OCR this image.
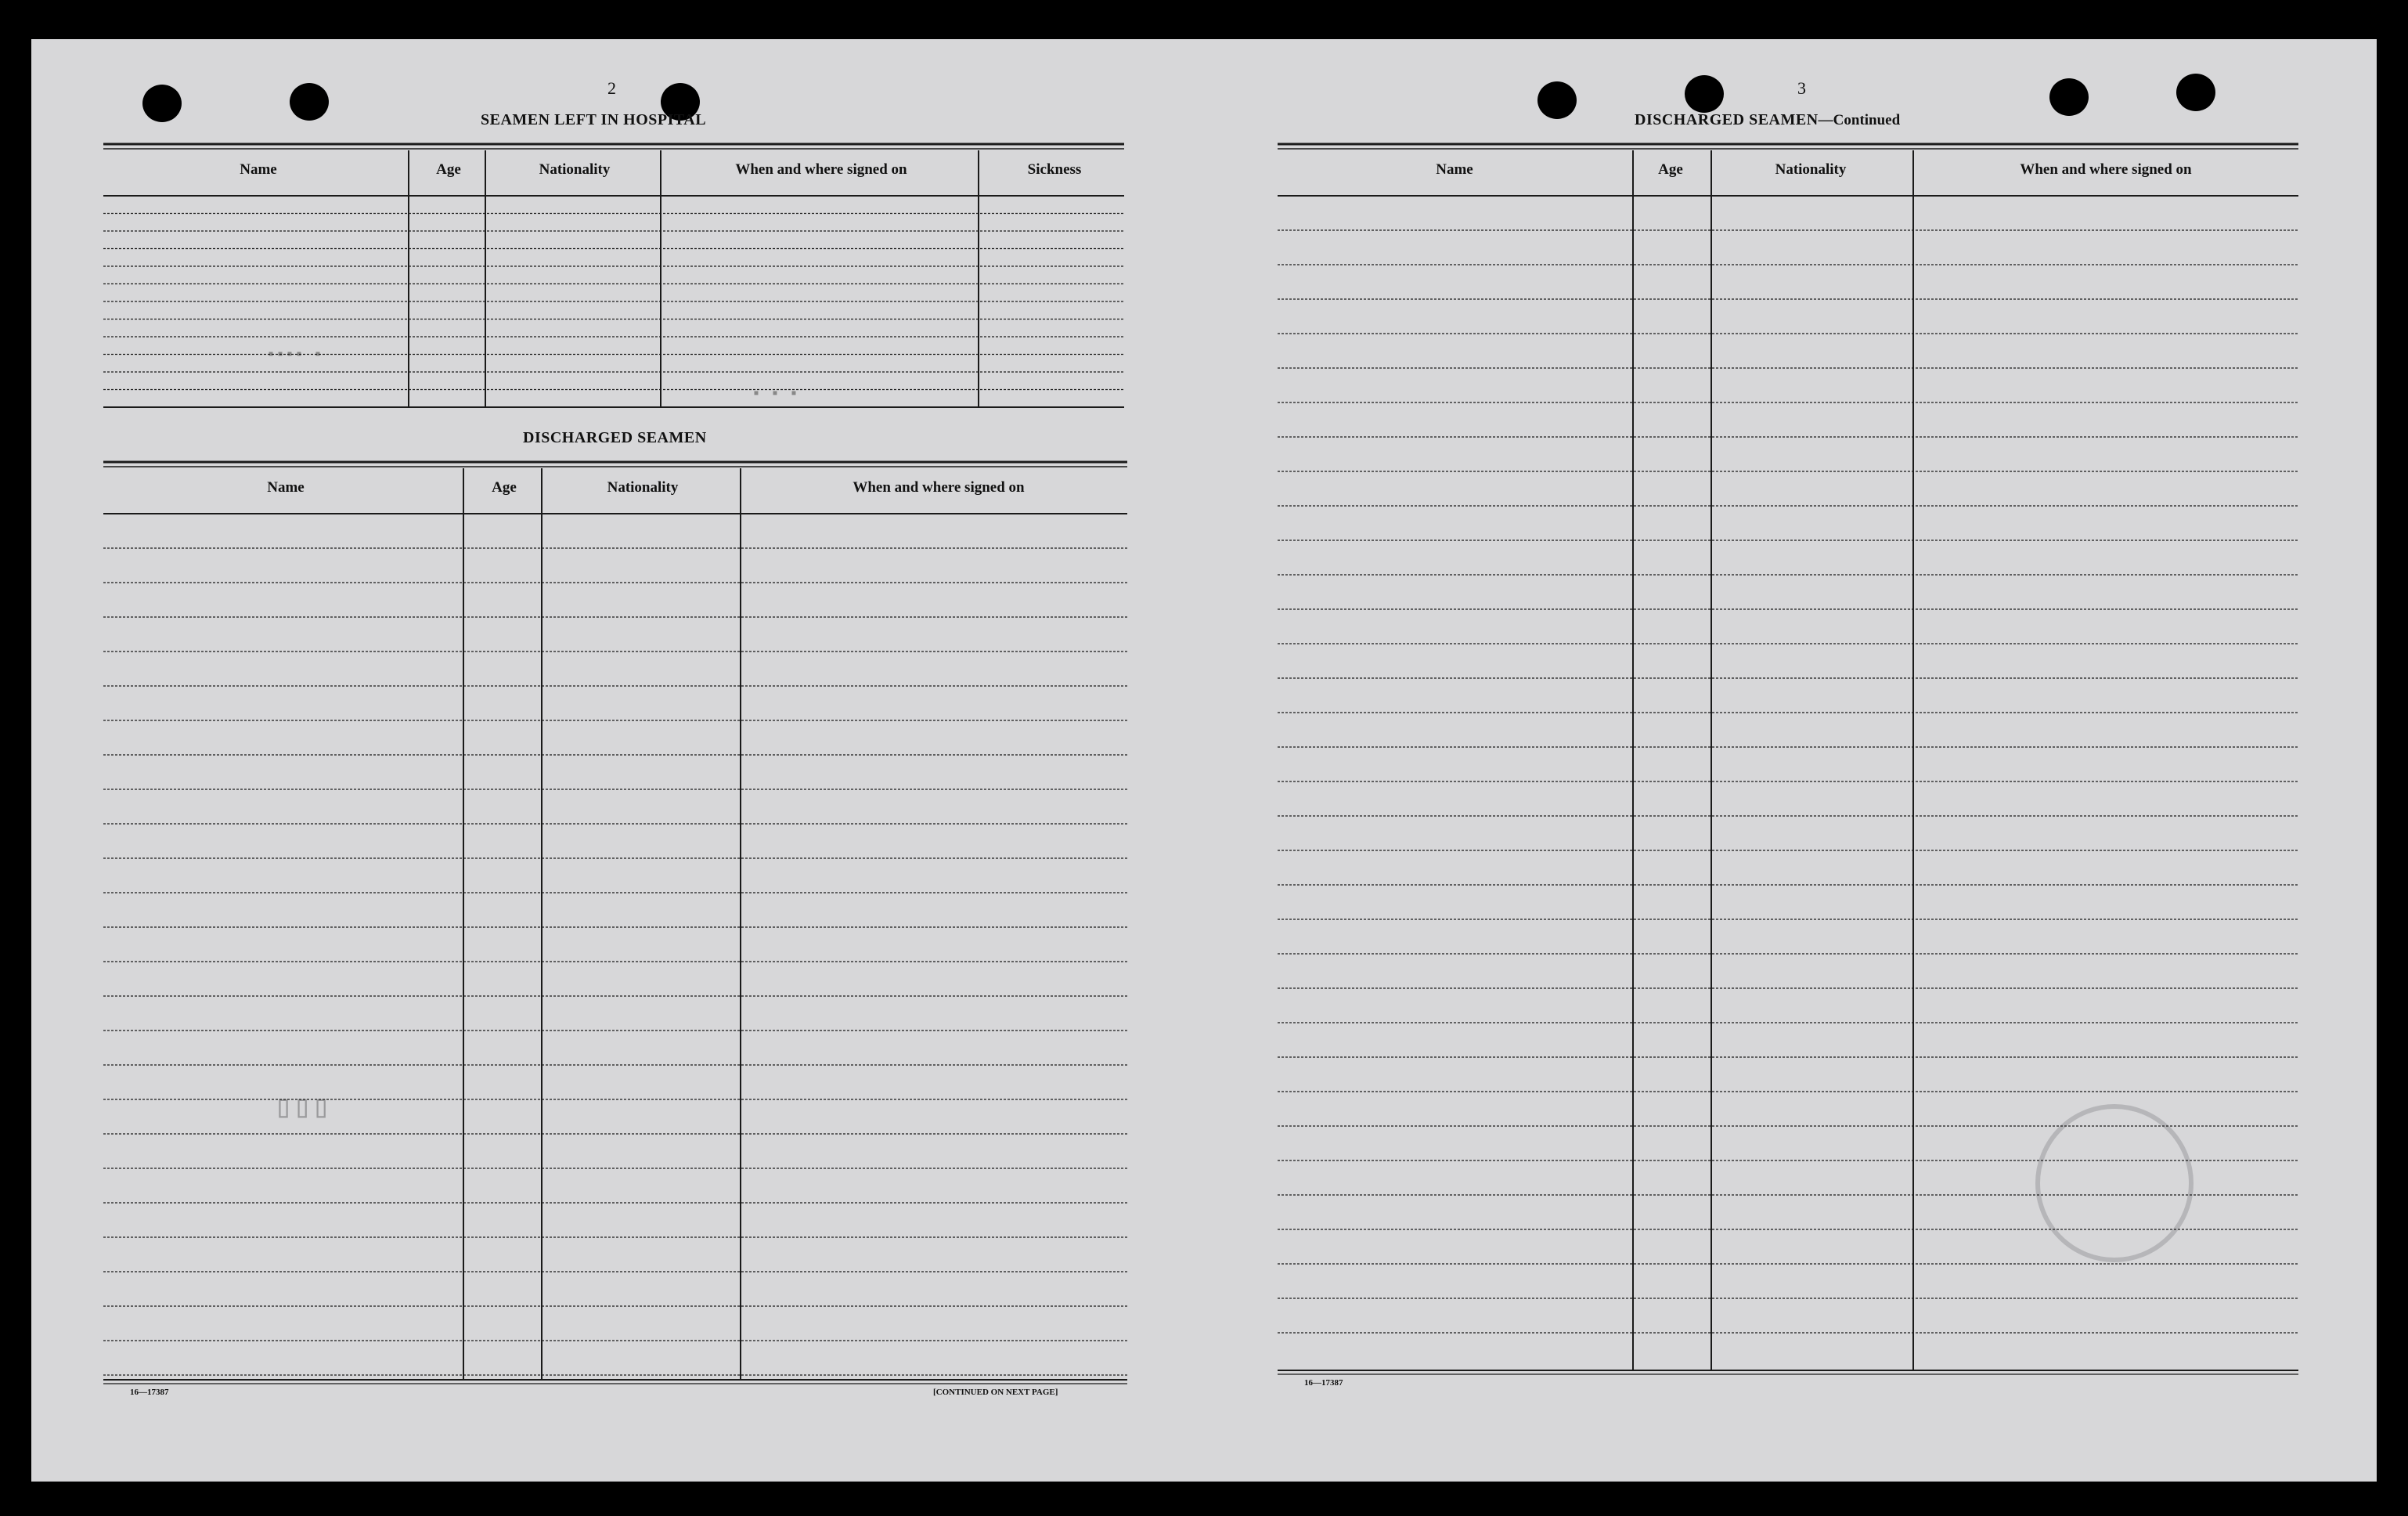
2	3
SEAMEN LEFT IN HOSPITAL
DISCHARGED SEAMEN
DISCHARGED SEAMEN—Continued
Name	Age	Nationality	When and where signed on	Sickness
Name	Age	Nationality	When and where signed on
Name	Age	Nationality	When and where signed on
16—17387	[CONTINUED ON NEXT PAGE]
16—17387
▪▪▪▪ ▪
▪ ▪ ▪
▯▯▯
